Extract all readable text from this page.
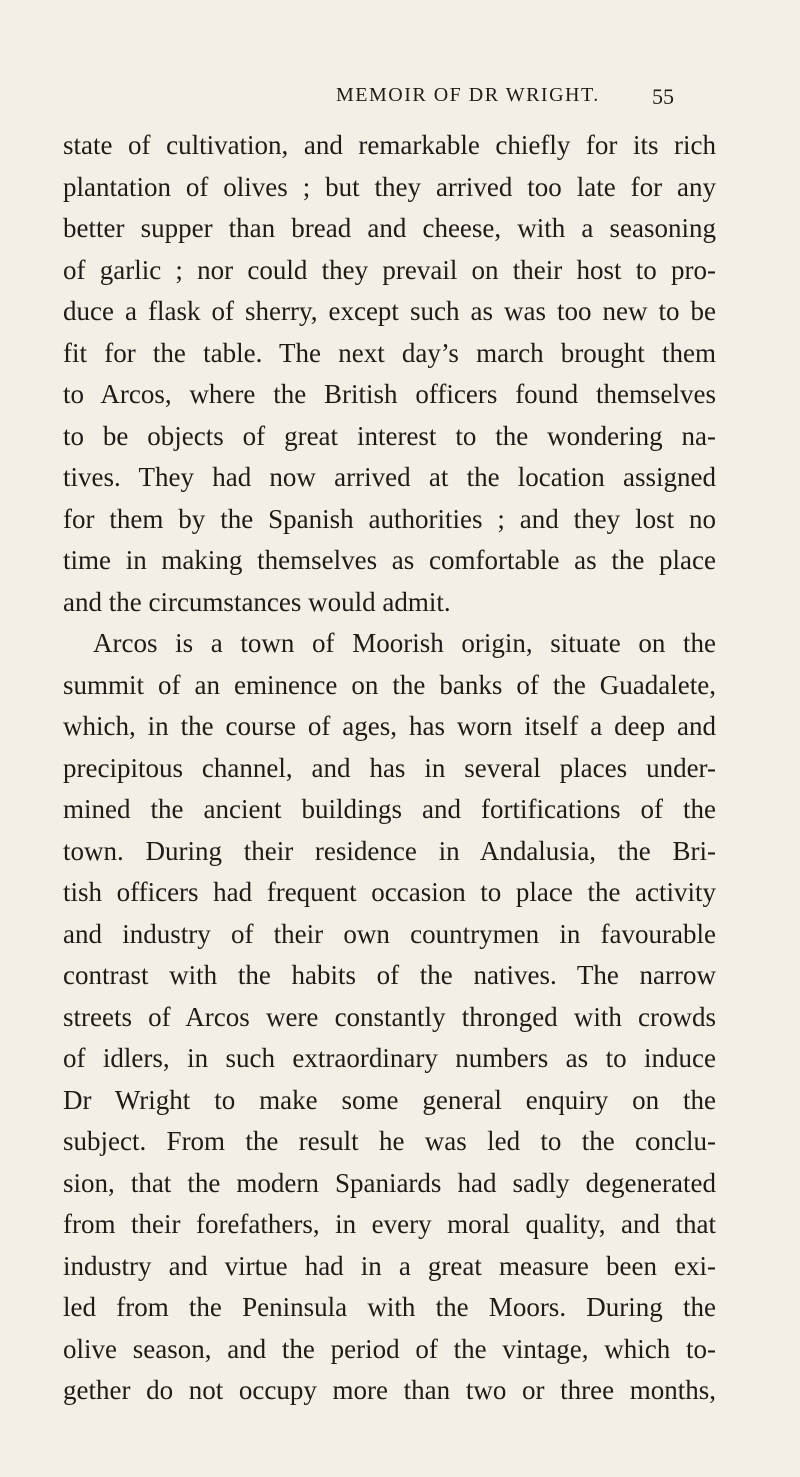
MEMOIR OF DR WRIGHT. 55
state of cultivation, and remarkable chiefly for its rich
plantation of olives ; but they arrived too late for any
better supper than bread and cheese, with a seasoning
of garlic ; nor could they prevail on their host to pro-
duce a flask of sherry, except such as was too new to be
fit for the table. The next day’s march brought them
to Arcos, where the British officers found themselves
to be objects of great interest to the wondering na-
tives. They had now arrived at the location assigned
for them by the Spanish authorities ; and they lost no
time in making themselves as comfortable as the place
and the circumstances would admit.
Arcos is a town of Moorish origin, situate on the
summit of an eminence on the banks of the Guadalete,
which, in the course of ages, has worn itself a deep and
precipitous channel, and has in several places under-
mined the ancient buildings and fortifications of the
town. During their residence in Andalusia, the Bri-
tish officers had frequent occasion to place the activity
and industry of their own countrymen in favourable
contrast with the habits of the natives. The narrow
streets of Arcos were constantly thronged with crowds
of idlers, in such extraordinary numbers as to induce
Dr Wright to make some general enquiry on the
subject. From the result he was led to the conclu-
sion, that the modern Spaniards had sadly degenerated
from their forefathers, in every moral quality, and that
industry and virtue had in a great measure been exi-
led from the Peninsula with the Moors. During the
olive season, and the period of the vintage, which to-
gether do not occupy more than two or three months,
